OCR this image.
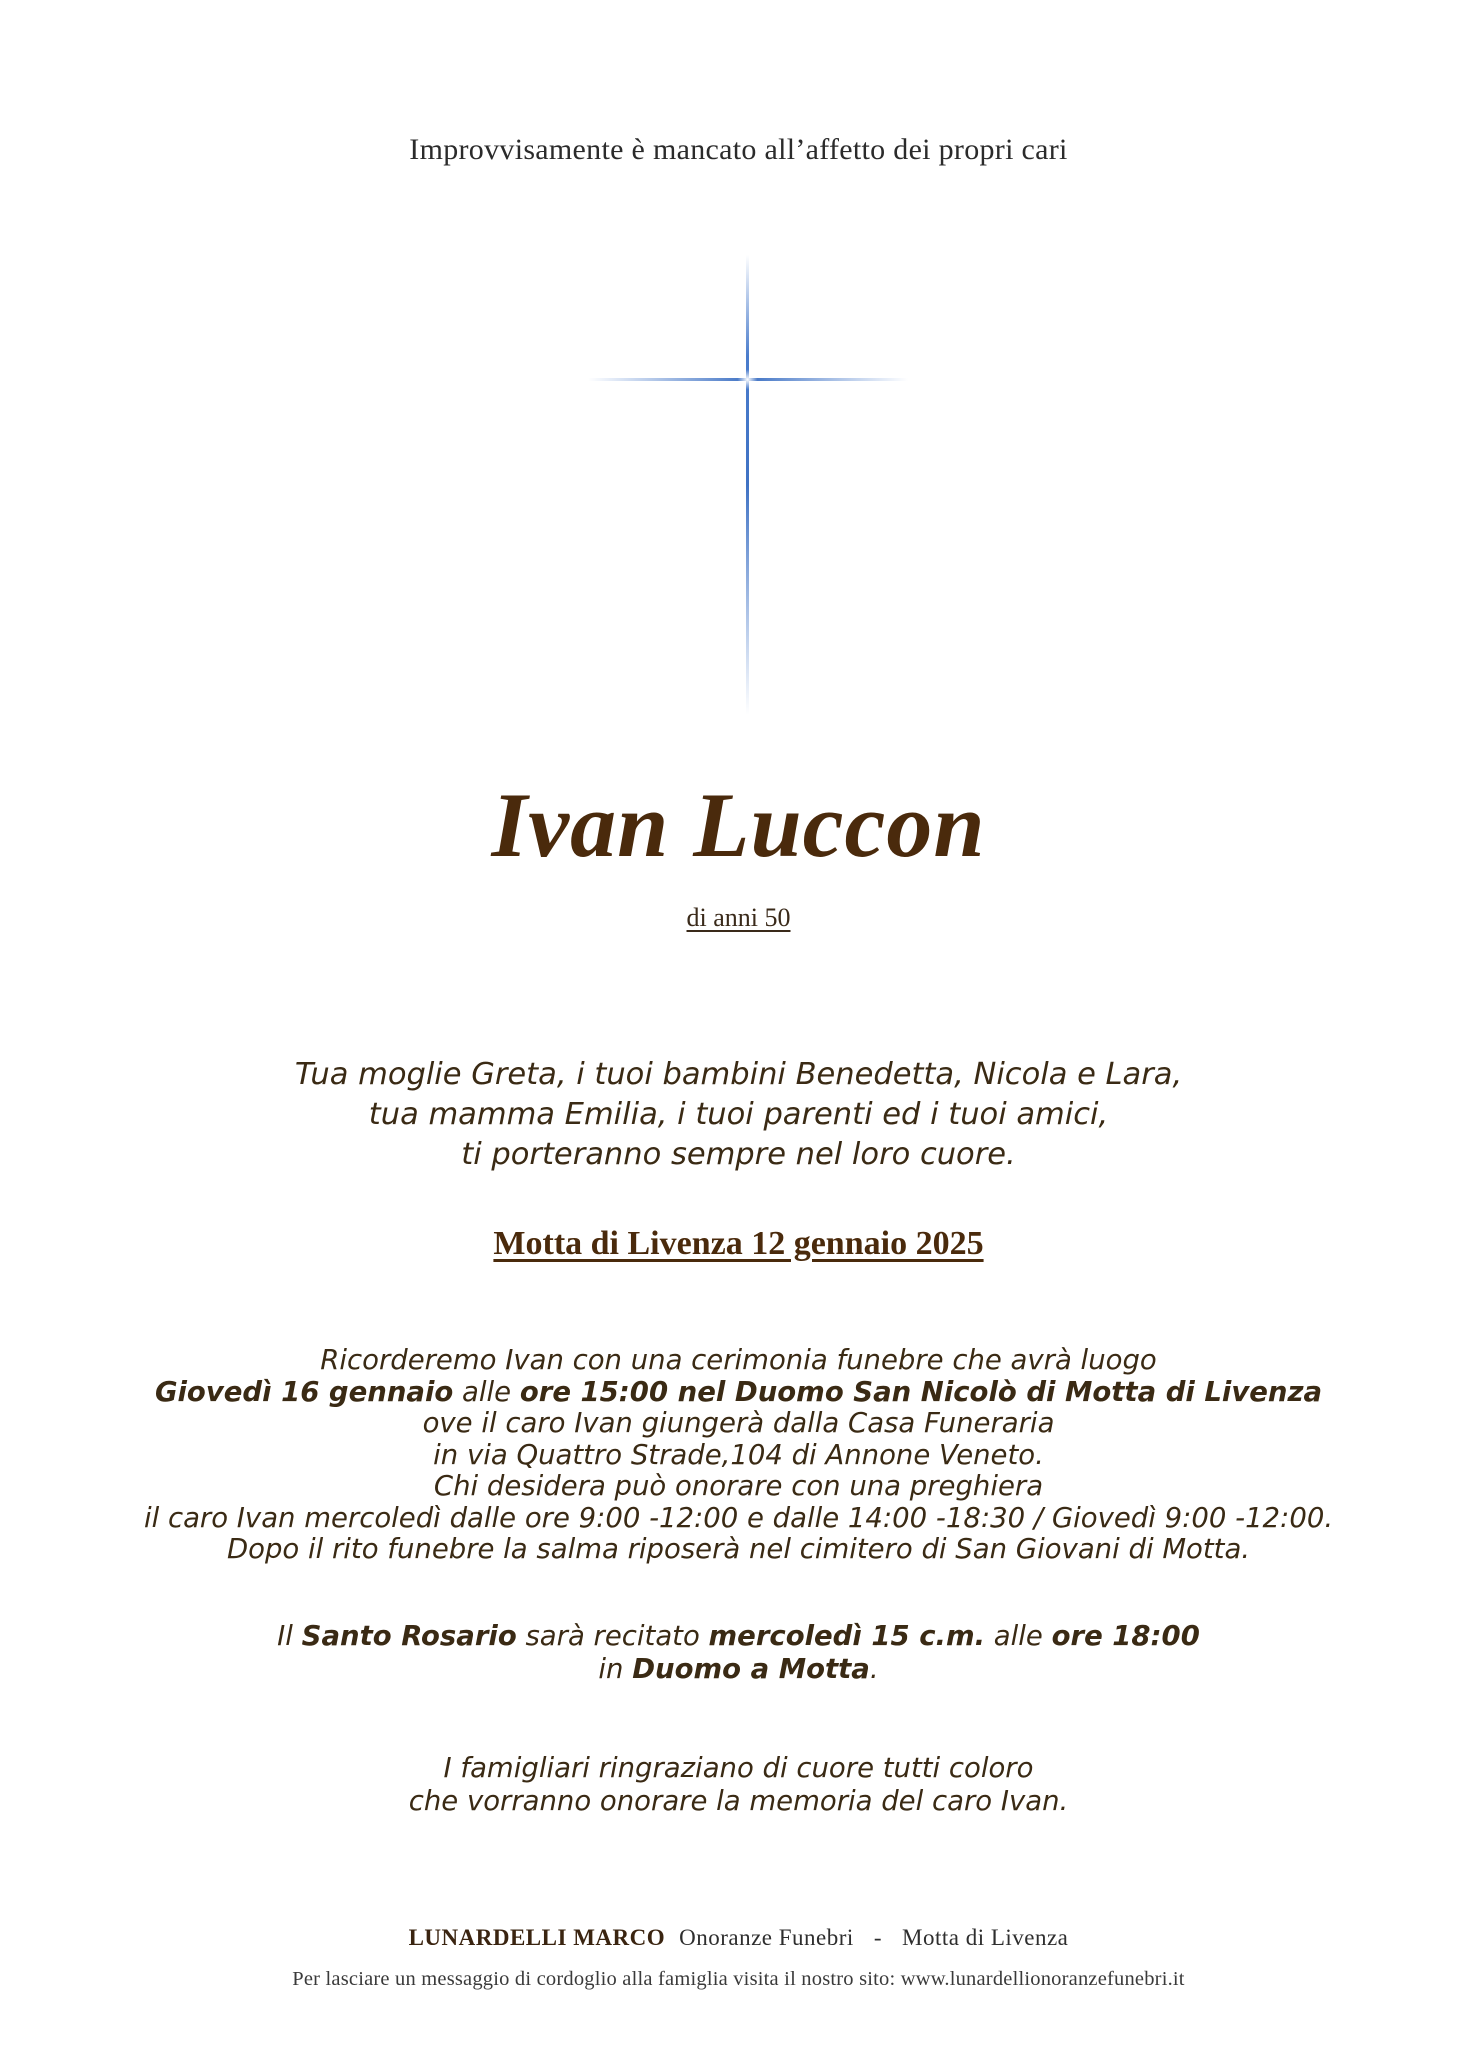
Improvvisamente è mancato all’affetto dei propri cari
Ivan Luccon
di anni 50
Tua moglie Greta, i tuoi bambini Benedetta, Nicola e Lara,
tua mamma Emilia, i tuoi parenti ed i tuoi amici,
ti porteranno sempre nel loro cuore.
Motta di Livenza 12 gennaio 2025
Ricorderemo Ivan con una cerimonia funebre che avrà luogo
Giovedì 16 gennaio alle ore 15:00 nel Duomo San Nicolò di Motta di Livenza
ove il caro Ivan giungerà dalla Casa Funeraria
in via Quattro Strade,104 di Annone Veneto.
Chi desidera può onorare con una preghiera
il caro Ivan mercoledì dalle ore 9:00 -12:00 e dalle 14:00 -18:30 / Giovedì 9:00 -12:00.
Dopo il rito funebre la salma riposerà nel cimitero di San Giovani di Motta.
Il Santo Rosario sarà recitato mercoledì 15 c.m. alle ore 18:00
in Duomo a Motta.
I famigliari ringraziano di cuore tutti coloro
che vorranno onorare la memoria del caro Ivan.
LUNARDELLI MARCO Onoranze Funebri - Motta di Livenza
Per lasciare un messaggio di cordoglio alla famiglia visita il nostro sito: www.lunardellionoranzefunebri.it
